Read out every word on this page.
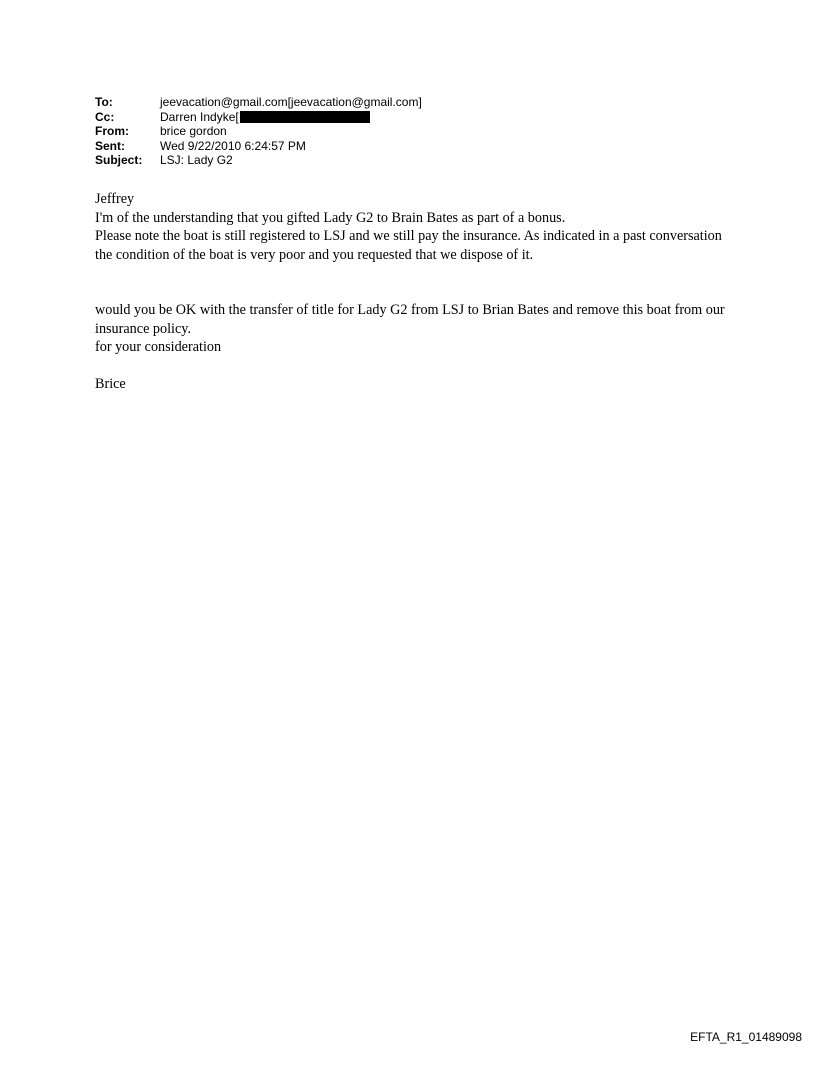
To:	jeevacation@gmail.com[jeevacation@gmail.com]
Cc:	Darren Indyke[
From:	brice gordon
Sent:	Wed 9/22/2010 6:24:57 PM
Subject:	LSJ: Lady G2

Jeffrey

I'm of the understanding that you gifted Lady G2 to Brain Bates as part of a bonus.

Please note the boat is still registered to LSJ and we still pay the insurance. As indicated in a past conversation the condition of the boat is very poor and you requested that we dispose of it.

would you be OK with the transfer of title for Lady G2 from LSJ to Brian Bates and remove this boat from our insurance policy.

for your consideration

Brice

EFTA_R1_01489098
